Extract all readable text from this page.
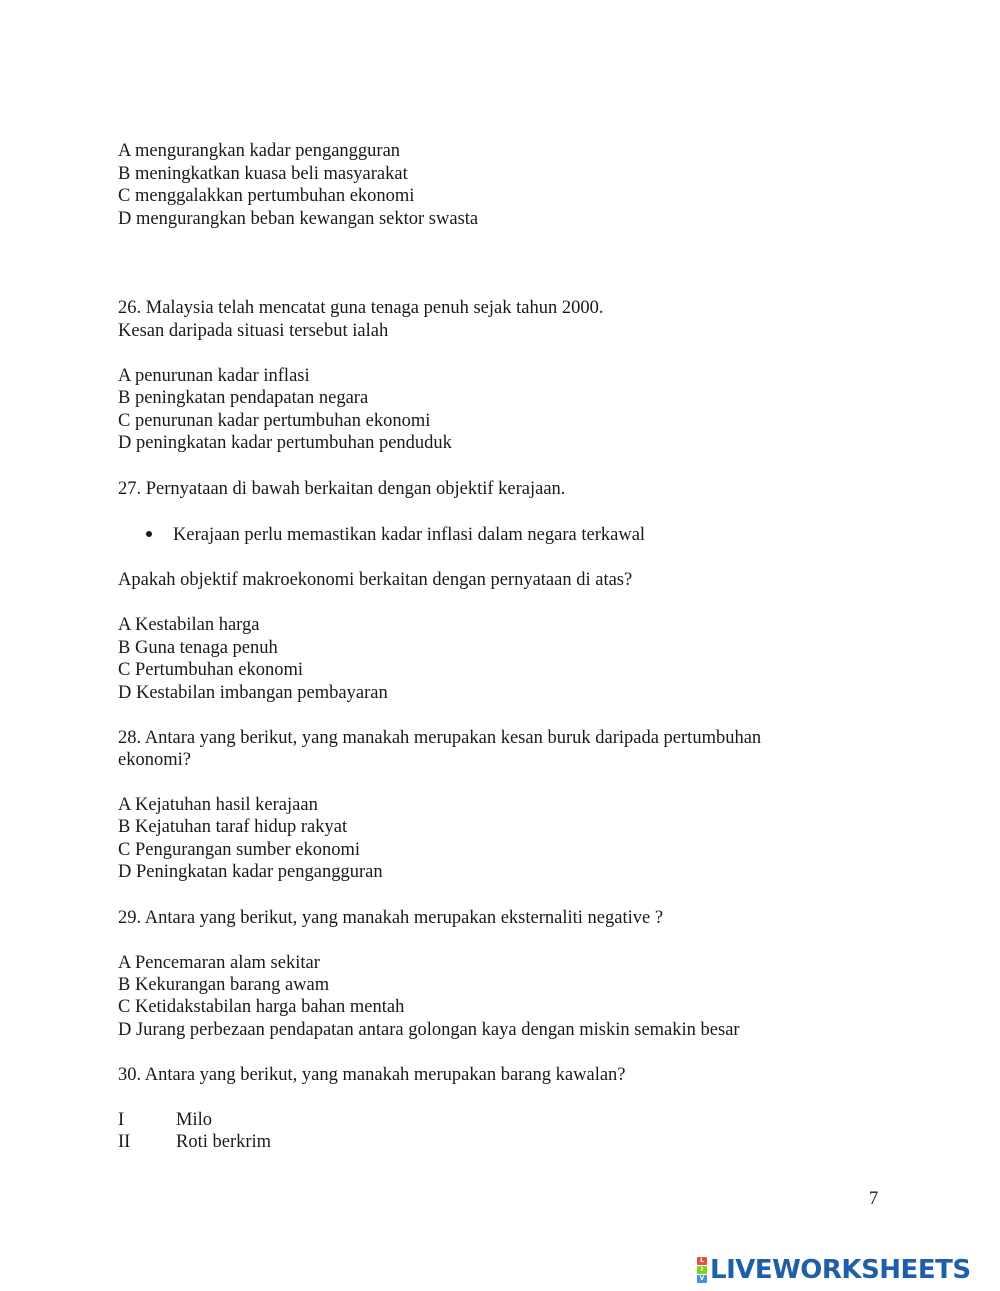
A mengurangkan kadar pengangguran
B meningkatkan kuasa beli masyarakat
C menggalakkan pertumbuhan ekonomi
D mengurangkan beban kewangan sektor swasta
26. Malaysia telah mencatat guna tenaga penuh sejak tahun 2000.
Kesan daripada situasi tersebut ialah
A penurunan kadar inflasi
B peningkatan pendapatan negara
C penurunan kadar pertumbuhan ekonomi
D peningkatan kadar pertumbuhan penduduk
27. Pernyataan di bawah berkaitan dengan objektif kerajaan.
Kerajaan perlu memastikan kadar inflasi dalam negara terkawal
Apakah objektif makroekonomi berkaitan dengan pernyataan di atas?
A Kestabilan harga
B Guna tenaga penuh
C Pertumbuhan ekonomi
D Kestabilan imbangan pembayaran
28. Antara yang berikut, yang manakah merupakan kesan buruk daripada pertumbuhan
ekonomi?
A Kejatuhan hasil kerajaan
B Kejatuhan taraf hidup rakyat
C Pengurangan sumber ekonomi
D Peningkatan kadar pengangguran
29. Antara yang berikut, yang manakah merupakan eksternaliti negative ?
A Pencemaran alam sekitar
B Kekurangan barang awam
C Ketidakstabilan harga bahan mentah
D Jurang perbezaan pendapatan antara golongan kaya dengan miskin semakin besar
30. Antara yang berikut, yang manakah merupakan barang kawalan?
I	Milo
II Roti berkrim
7
L
I
V LIVEWORKSHEETS
